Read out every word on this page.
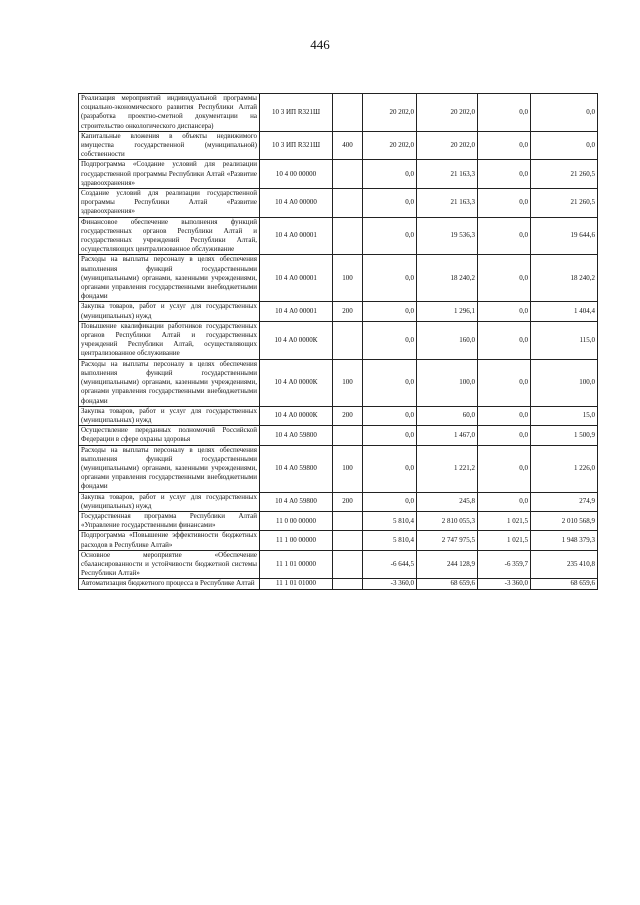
446
Реализация мероприятий индивидуальной программы социально-экономического развития Республики Алтай (разработка проектно-сметной документации на строительство онкологического диспансера)	10 3 ИП R321Ш		20 202,0	20 202,0	0,0	0,0
Капитальные вложения в объекты недвижимого имущества государственной (муниципальной) собственности	10 3 ИП R321Ш	400	20 202,0	20 202,0	0,0	0,0
Подпрограмма «Создание условий для реализации государственной программы Республики Алтай «Развитие здравоохранения»	10 4 00 00000		0,0	21 163,3	0,0	21 260,5
Создание условий для реализации государственной программы Республики Алтай «Развитие здравоохранения»	10 4 А0 00000		0,0	21 163,3	0,0	21 260,5
Финансовое обеспечение выполнения функций государственных органов Республики Алтай и государственных учреждений Республики Алтай, осуществляющих централизованное обслуживание	10 4 А0 00001		0,0	19 536,3	0,0	19 644,6
Расходы на выплаты персоналу в целях обеспечения выполнения функций государственными (муниципальными) органами, казенными учреждениями, органами управления государственными внебюджетными фондами	10 4 А0 00001	100	0,0	18 240,2	0,0	18 240,2
Закупка товаров, работ и услуг для государственных (муниципальных) нужд	10 4 А0 00001	200	0,0	1 296,1	0,0	1 404,4
Повышение квалификации работников государственных органов Республики Алтай и государственных учреждений Республики Алтай, осуществляющих централизованное обслуживание	10 4 А0 0000К		0,0	160,0	0,0	115,0
Расходы на выплаты персоналу в целях обеспечения выполнения функций государственными (муниципальными) органами, казенными учреждениями, органами управления государственными внебюджетными фондами	10 4 А0 0000К	100	0,0	100,0	0,0	100,0
Закупка товаров, работ и услуг для государственных (муниципальных) нужд	10 4 А0 0000К	200	0,0	60,0	0,0	15,0
Осуществление переданных полномочий Российской Федерации в сфере охраны здоровья	10 4 А0 59800		0,0	1 467,0	0,0	1 500,9
Расходы на выплаты персоналу в целях обеспечения выполнения функций государственными (муниципальными) органами, казенными учреждениями, органами управления государственными внебюджетными фондами	10 4 А0 59800	100	0,0	1 221,2	0,0	1 226,0
Закупка товаров, работ и услуг для государственных (муниципальных) нужд	10 4 А0 59800	200	0,0	245,8	0,0	274,9
Государственная программа Республики Алтай «Управление государственными финансами»	11 0 00 00000		5 810,4	2 810 055,3	1 021,5	2 010 568,9
Подпрограмма «Повышение эффективности бюджетных расходов в Республике Алтай»	11 1 00 00000		5 810,4	2 747 975,5	1 021,5	1 948 379,3
Основное мероприятие «Обеспечение сбалансированности и устойчивости бюджетной системы Республики Алтай»	11 1 01 00000		-6 644,5	244 128,9	-6 359,7	235 410,8
Автоматизация бюджетного процесса в Республике Алтай	11 1 01 01000		-3 360,0	68 659,6	-3 360,0	68 659,6
